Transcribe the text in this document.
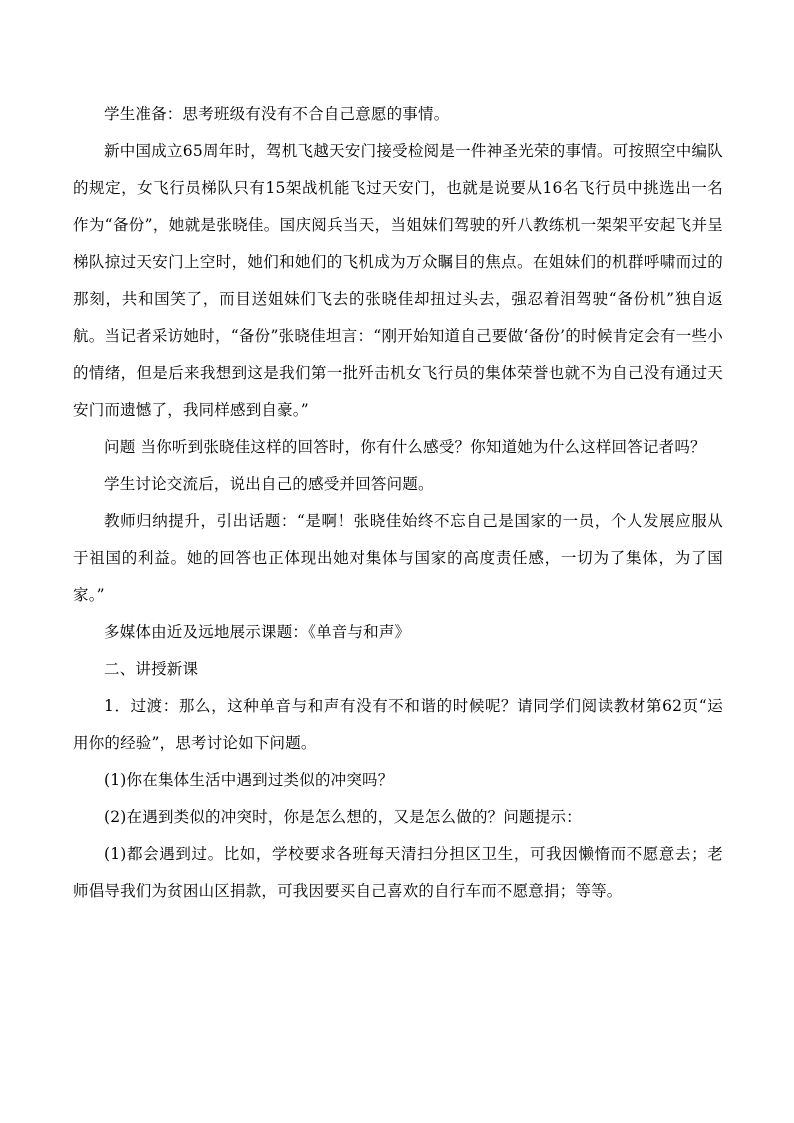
学生准备：思考班级有没有不合自己意愿的事情。

新中国成立65周年时，驾机飞越天安门接受检阅是一件神圣光荣的事情。可按照空中编队的规定，女飞行员梯队只有15架战机能飞过天安门，也就是说要从16名飞行员中挑选出一名作为“备份”，她就是张晓佳。国庆阅兵当天，当姐妹们驾驶的歼八教练机一架架平安起飞并呈梯队掠过天安门上空时，她们和她们的飞机成为万众瞩目的焦点。在姐妹们的机群呼啸而过的那刻，共和国笑了，而目送姐妹们飞去的张晓佳却扭过头去，强忍着泪驾驶“备份机”独自返航。当记者采访她时，“备份”张晓佳坦言：“刚开始知道自己要做‘备份’的时候肯定会有一些小的情绪，但是后来我想到这是我们第一批歼击机女飞行员的集体荣誉也就不为自己没有通过天安门而遗憾了，我同样感到自豪。”

问题 当你听到张晓佳这样的回答时，你有什么感受？你知道她为什么这样回答记者吗？

学生讨论交流后，说出自己的感受并回答问题。

教师归纳提升，引出话题：“是啊！张晓佳始终不忘自己是国家的一员，个人发展应服从于祖国的利益。她的回答也正体现出她对集体与国家的高度责任感，一切为了集体，为了国家。”

多媒体由近及远地展示课题：《单音与和声》

二、讲授新课

1．过渡：那么，这种单音与和声有没有不和谐的时候呢？请同学们阅读教材第62页“运用你的经验”，思考讨论如下问题。

(1)你在集体生活中遇到过类似的冲突吗？

(2)在遇到类似的冲突时，你是怎么想的，又是怎么做的？问题提示：

(1)都会遇到过。比如，学校要求各班每天清扫分担区卫生，可我因懒惰而不愿意去；老师倡导我们为贫困山区捐款，可我因要买自己喜欢的自行车而不愿意捐；等等。
